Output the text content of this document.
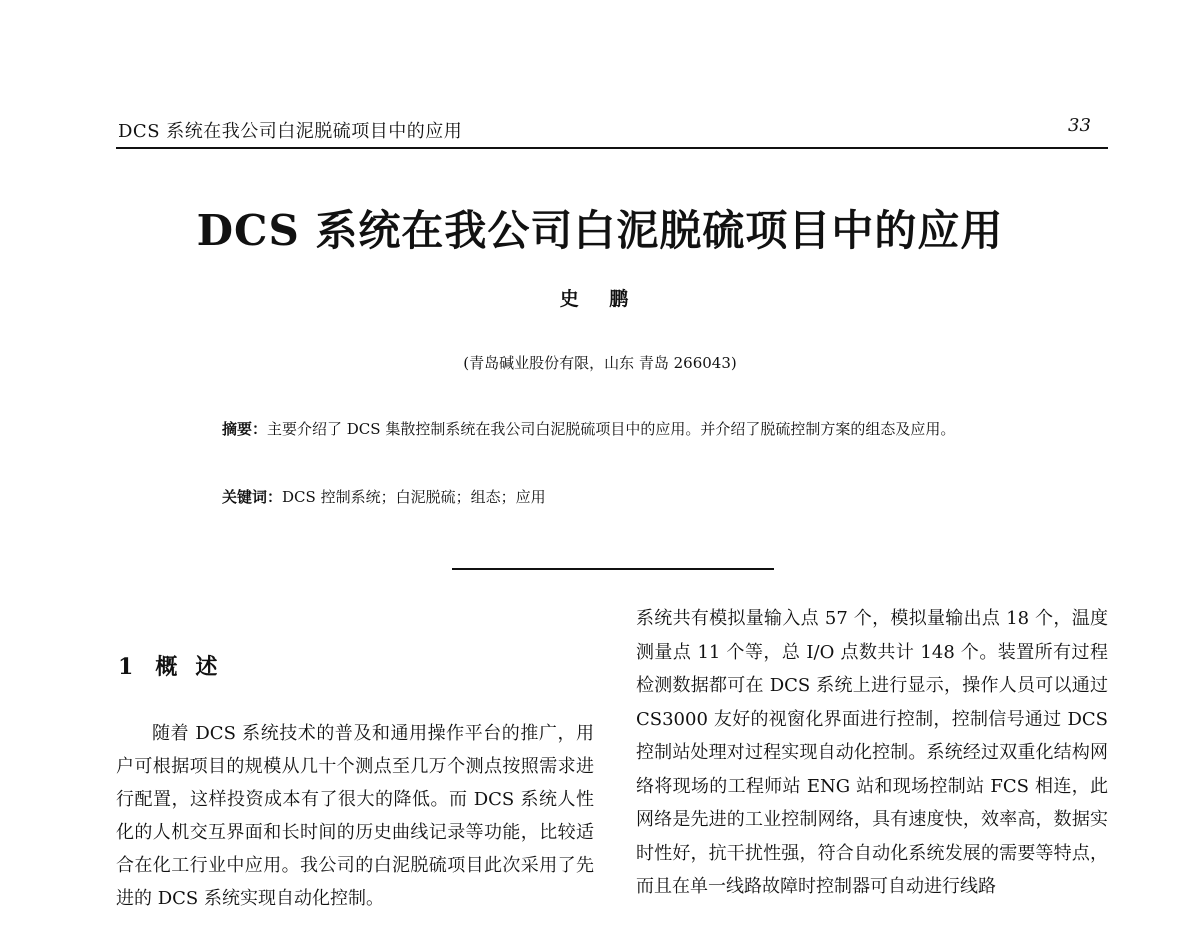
DCS 系统在我公司白泥脱硫项目中的应用	33
DCS 系统在我公司白泥脱硫项目中的应用
史 鹏
(青岛碱业股份有限，山东 青岛 266043)
摘要：主要介绍了 DCS 集散控制系统在我公司白泥脱硫项目中的应用。并介绍了脱硫控制方案的组态及应用。
关键词：DCS 控制系统；白泥脱硫；组态；应用
1 概述

随着 DCS 系统技术的普及和通用操作平台的推广，用户可根据项目的规模从几十个测点至几万个测点按照需求进行配置，这样投资成本有了很大的降低。而 DCS 系统人性化的人机交互界面和长时间的历史曲线记录等功能，比较适合在化工行业中应用。我公司的白泥脱硫项目此次采用了先进的 DCS 系统实现自动化控制。

系统共有模拟量输入点 57 个，模拟量输出点 18 个，温度测量点 11 个等，总 I/O 点数共计 148 个。装置所有过程检测数据都可在 DCS 系统上进行显示，操作人员可以通过 CS3000 友好的视窗化界面进行控制，控制信号通过 DCS 控制站处理对过程实现自动化控制。系统经过双重化结构网络将现场的工程师站 ENG 站和现场控制站 FCS 相连，此网络是先进的工业控制网络，具有速度快，效率高，数据实时性好，抗干扰性强，符合自动化系统发展的需要等特点，而且在单一线路故障时控制器可自动进行线路
